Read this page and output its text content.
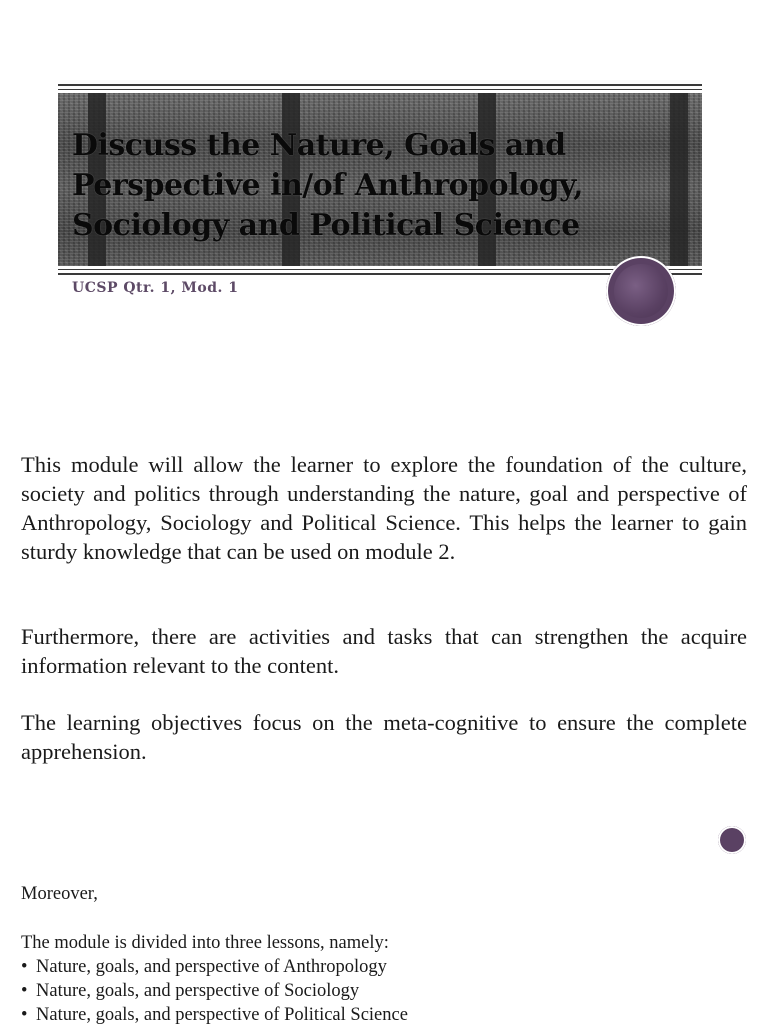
Discuss the Nature, Goals and Perspective in/of Anthropology, Sociology and Political Science

UCSP Qtr. 1, Mod. 1

This module will allow the learner to explore the foundation of the culture, society and politics through understanding the nature, goal and perspective of Anthropology, Sociology and Political Science. This helps the learner to gain sturdy knowledge that can be used on module 2.

Furthermore, there are activities and tasks that can strengthen the acquire information relevant to the content.

The learning objectives focus on the meta-cognitive to ensure the complete apprehension.

Moreover,

The module is divided into three lessons, namely:

• Nature, goals, and perspective of Anthropology
• Nature, goals, and perspective of Sociology
• Nature, goals, and perspective of Political Science
